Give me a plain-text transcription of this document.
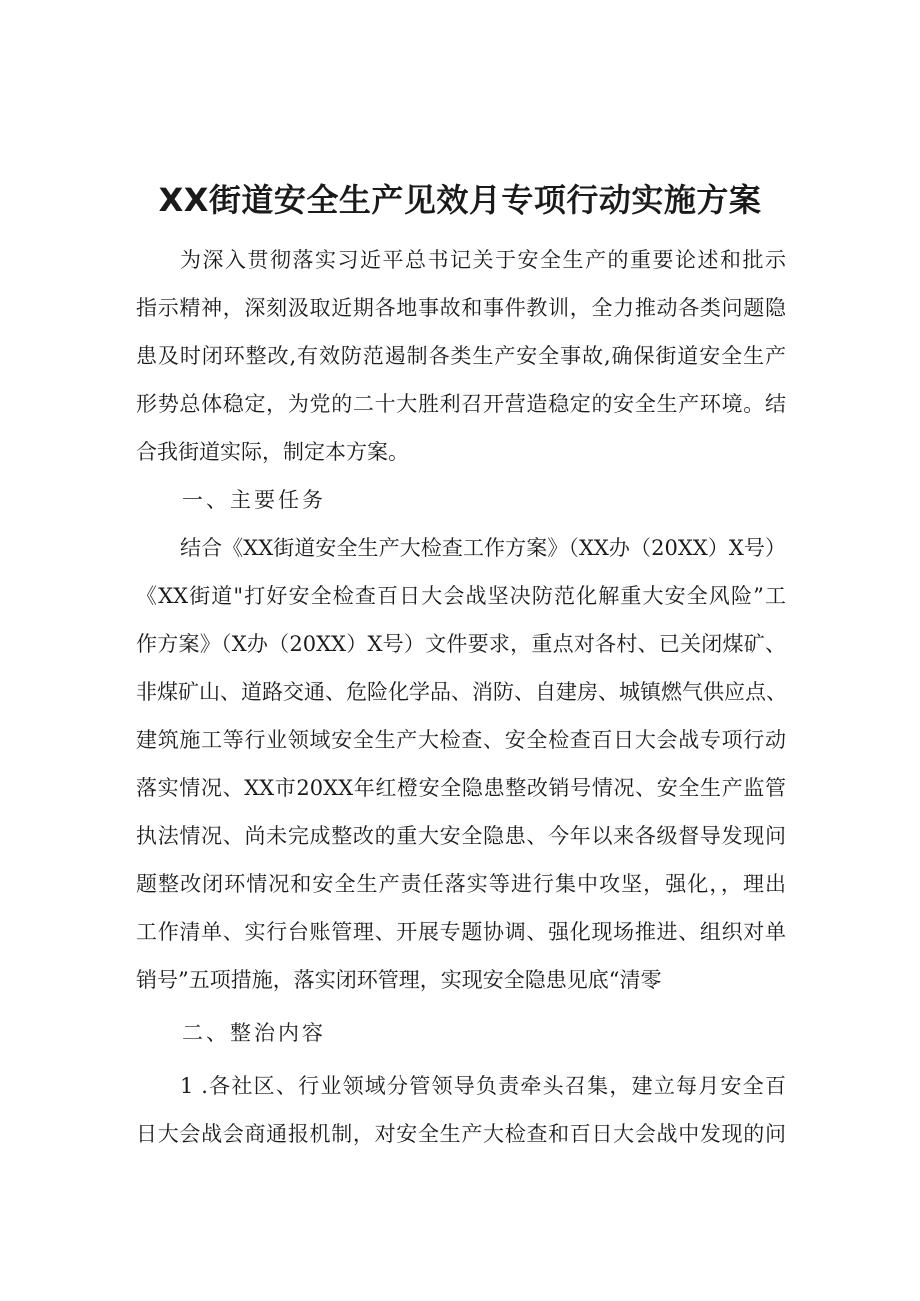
XX街道安全生产见效月专项行动实施方案
为深入贯彻落实习近平总书记关于安全生产的重要论述和批示
指示精神，深刻汲取近期各地事故和事件教训，全力推动各类问题隐
患及时闭环整改,有效防范遏制各类生产安全事故,确保街道安全生产
形势总体稳定，为党的二十大胜利召开营造稳定的安全生产环境。结
合我街道实际，制定本方案。
一、主要任务
结合《XX街道安全生产大检查工作方案》（XX办（20XX）X号）
《XX街道"打好安全检查百日大会战坚决防范化解重大安全风险”工
作方案》（X办（20XX）X号）文件要求，重点对各村、已关闭煤矿、
非煤矿山、道路交通、危险化学品、消防、自建房、城镇燃气供应点、
建筑施工等行业领域安全生产大检查、安全检查百日大会战专项行动
落实情况、XX市20XX年红橙安全隐患整改销号情况、安全生产监管
执法情况、尚未完成整改的重大安全隐患、今年以来各级督导发现问
题整改闭环情况和安全生产责任落实等进行集中攻坚，强化，，理出
工作清单、实行台账管理、开展专题协调、强化现场推进、组织对单
销号”五项措施，落实闭环管理，实现安全隐患见底“清零
二、整治内容
1 .各社区、行业领域分管领导负责牵头召集，建立每月安全百
日大会战会商通报机制，对安全生产大检查和百日大会战中发现的问
